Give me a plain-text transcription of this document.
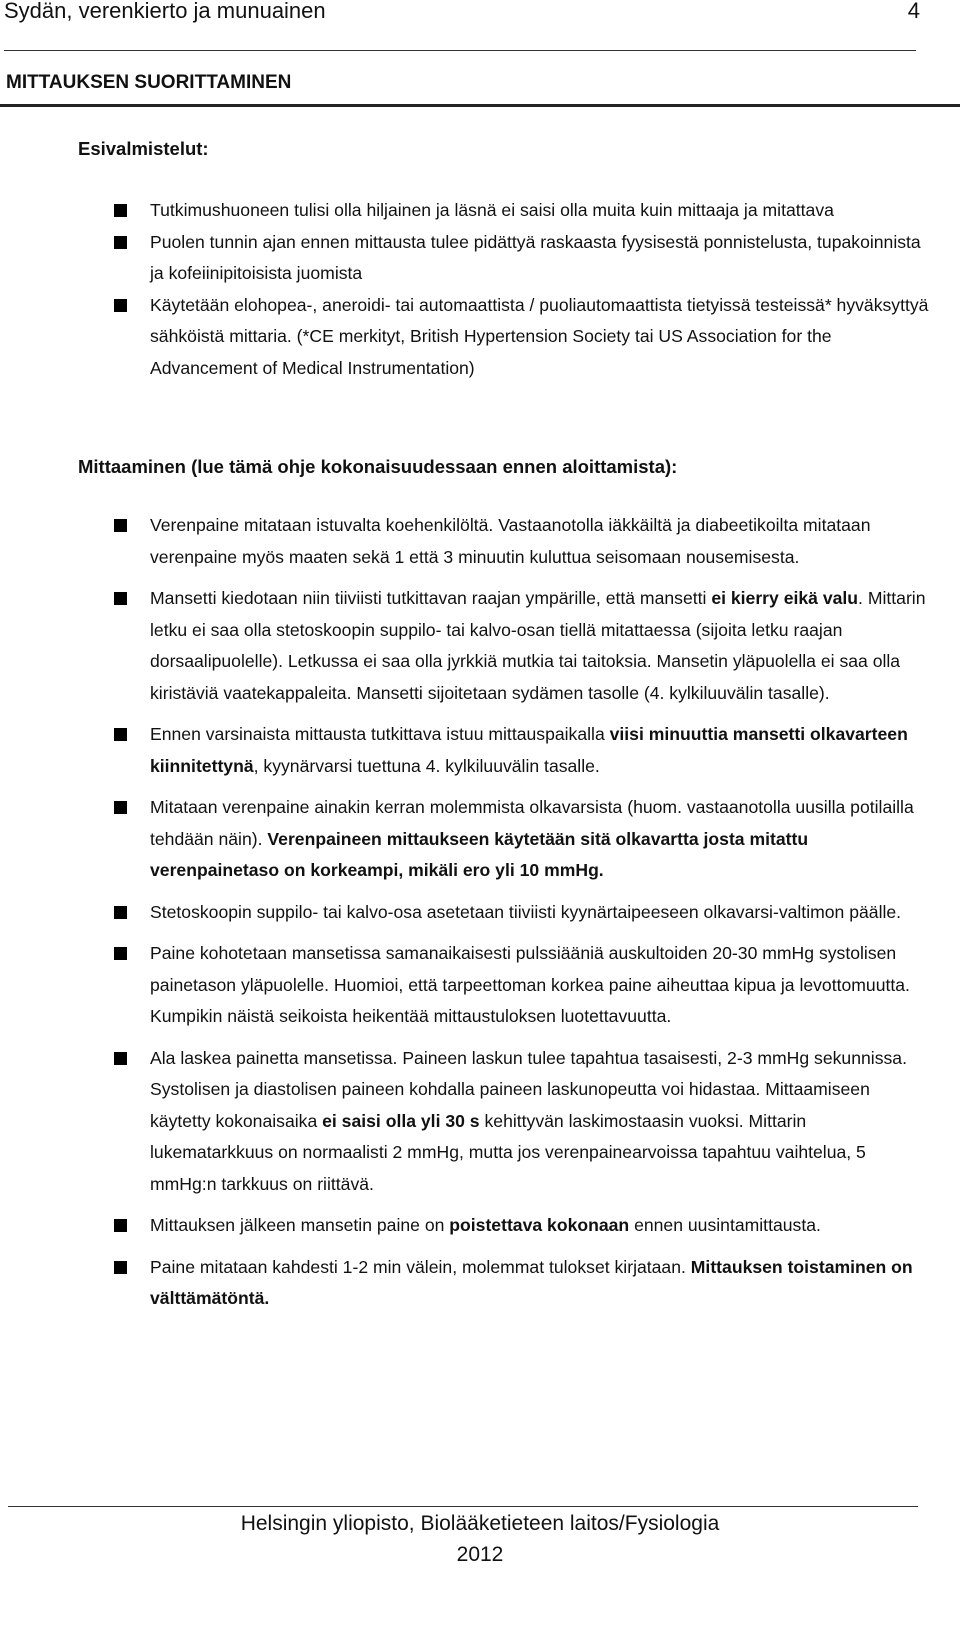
Sydän, verenkierto ja munuainen	4
MITTAUKSEN SUORITTAMINEN
Esivalmistelut:
Tutkimushuoneen tulisi olla hiljainen ja läsnä ei saisi olla muita kuin mittaaja ja mitattava
Puolen tunnin ajan ennen mittausta tulee pidättyä raskaasta fyysisestä ponnistelusta, tupakoinnista ja kofeiinipitoisista juomista
Käytetään elohopea-, aneroidi- tai automaattista / puoliautomaattista tietyissä testeissä* hyväksyttyä sähköistä mittaria. (*CE merkityt, British Hypertension Society tai US Association for the Advancement of Medical Instrumentation)
Mittaaminen (lue tämä ohje kokonaisuudessaan ennen aloittamista):
Verenpaine mitataan istuvalta koehenkilöltä. Vastaanotolla iäkkäiltä ja diabeetikoilta mitataan verenpaine myös maaten sekä 1 että 3 minuutin kuluttua seisomaan nousemisesta.
Mansetti kiedotaan niin tiiviisti tutkittavan raajan ympärille, että mansetti ei kierry eikä valu. Mittarin letku ei saa olla stetoskoopin suppilo- tai kalvo-osan tiellä mitattaessa (sijoita letku raajan dorsaalipuolelle). Letkussa ei saa olla jyrkkiä mutkia tai taitoksia. Mansetin yläpuolella ei saa olla kiristäviä vaatekappaleita. Mansetti sijoitetaan sydämen tasolle (4. kylkiluuvälin tasalle).
Ennen varsinaista mittausta tutkittava istuu mittauspaikalla viisi minuuttia mansetti olkavarteen kiinnitettynä, kyynärvarsi tuettuna 4. kylkiluuvälin tasalle.
Mitataan verenpaine ainakin kerran molemmista olkavarsista (huom. vastaanotolla uusilla potilailla tehdään näin). Verenpaineen mittaukseen käytetään sitä olkavartta josta mitattu verenpainetaso on korkeampi, mikäli ero yli 10 mmHg.
Stetoskoopin suppilo- tai kalvo-osa asetetaan tiiviisti kyynärtaipeeseen olkavarsi-valtimon päälle.
Paine kohotetaan mansetissa samanaikaisesti pulssiääniä auskultoiden 20-30 mmHg systolisen painetason yläpuolelle. Huomioi, että tarpeettoman korkea paine aiheuttaa kipua ja levottomuutta. Kumpikin näistä seikoista heikentää mittaustuloksen luotettavuutta.
Ala laskea painetta mansetissa. Paineen laskun tulee tapahtua tasaisesti, 2-3 mmHg sekunnissa. Systolisen ja diastolisen paineen kohdalla paineen laskunopeutta voi hidastaa. Mittaamiseen käytetty kokonaisaika ei saisi olla yli 30 s kehittyvän laskimostaasin vuoksi. Mittarin lukematarkkuus on normaalisti 2 mmHg, mutta jos verenpainearvoissa tapahtuu vaihtelua, 5 mmHg:n tarkkuus on riittävä.
Mittauksen jälkeen mansetin paine on poistettava kokonaan ennen uusintamittausta.
Paine mitataan kahdesti 1-2 min välein, molemmat tulokset kirjataan. Mittauksen toistaminen on välttämätöntä.
Helsingin yliopisto, Biolääketieteen laitos/Fysiologia
2012
